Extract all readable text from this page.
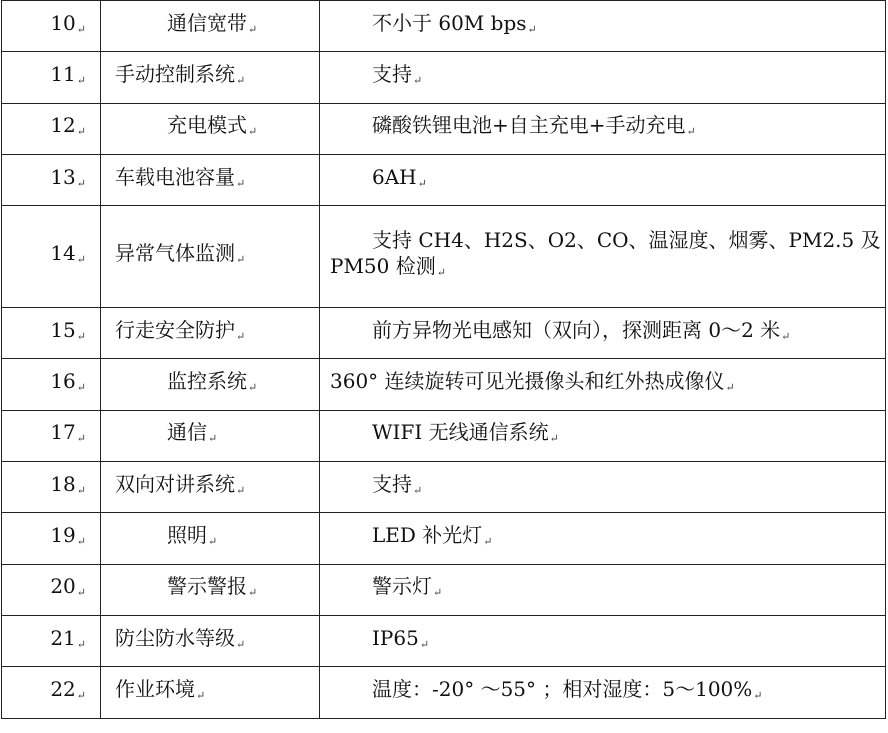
10↵	通信宽带↵	不小于 60M bps↵

11↵	手动控制系统↵	支持↵

12↵	充电模式↵	磷酸铁锂电池+自主充电+手动充电↵

13↵	车载电池容量↵	6AH↵

14↵	异常气体监测↵	支持 CH4、H2S、O2、CO、温湿度、烟雾、PM2.5 及 PM50 检测↵

15↵	行走安全防护↵	前方异物光电感知（双向），探测距离 0～2 米↵

16↵	监控系统↵	360° 连续旋转可见光摄像头和红外热成像仪↵

17↵	通信↵	WIFI 无线通信系统↵

18↵	双向对讲系统↵	支持↵

19↵	照明↵	LED 补光灯↵

20↵	警示警报↵	警示灯↵

21↵	防尘防水等级↵	IP65↵

22↵	作业环境↵	温度：-20° ～55° ；相对湿度：5～100%↵
